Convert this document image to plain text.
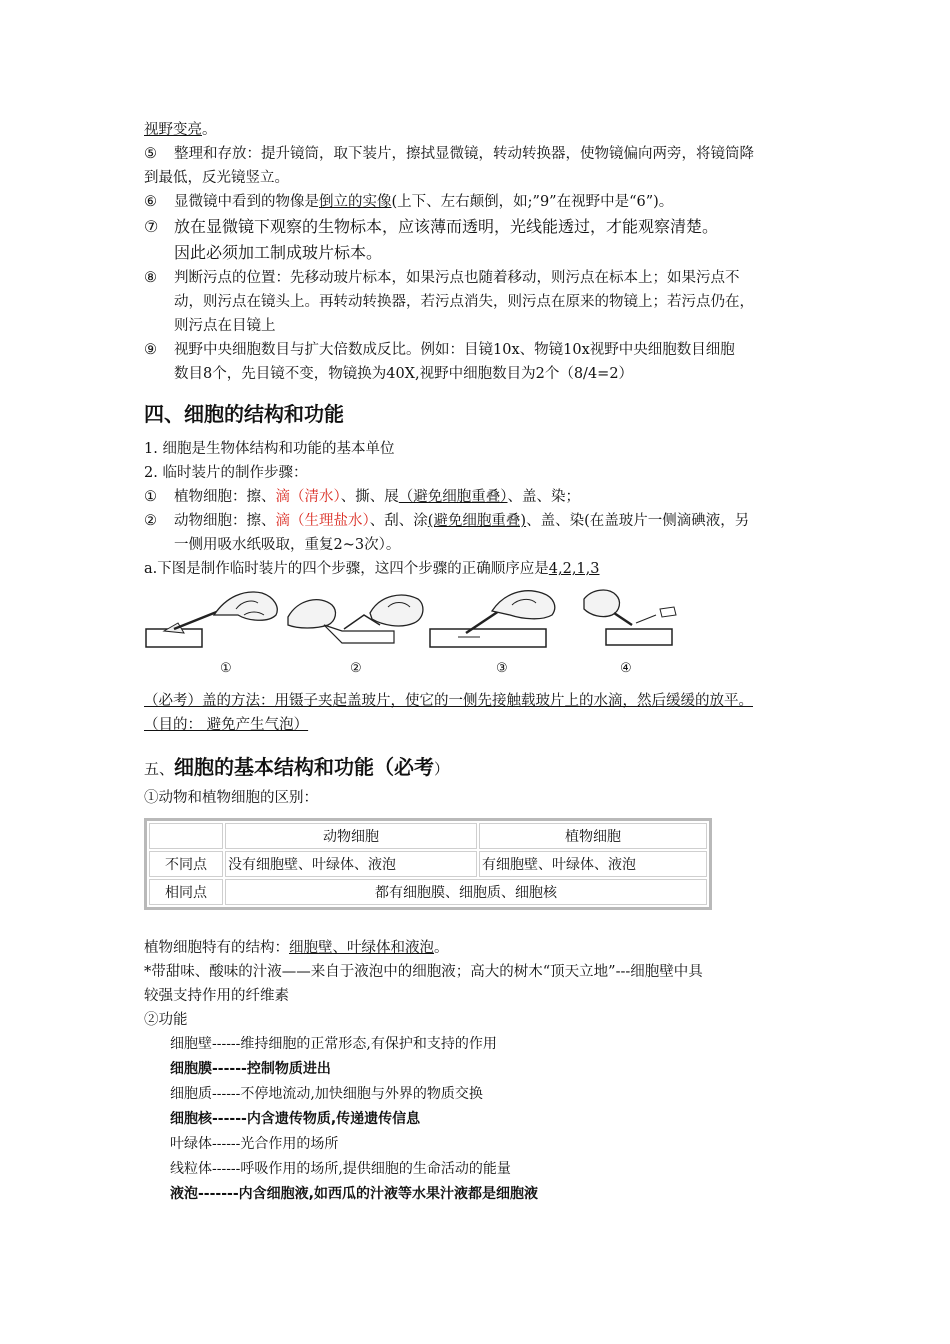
视野变亮。
⑤	整理和存放：提升镜筒，取下装片，擦拭显微镜，转动转换器，使物镜偏向两旁，将镜筒降
到最低，反光镜竖立。
⑥	显微镜中看到的物像是倒立的实像(上下、左右颠倒，如;”9”在视野中是“6”)。
⑦ 放在显微镜下观察的生物标本，应该薄而透明，光线能透过，才能观察清楚。
因此必须加工制成玻片标本。
⑧	判断污点的位置：先移动玻片标本，如果污点也随着移动，则污点在标本上；如果污点不
动，则污点在镜头上。再转动转换器，若污点消失，则污点在原来的物镜上；若污点仍在，
则污点在目镜上
⑨	视野中央细胞数目与扩大倍数成反比。例如：目镜10x、物镜10x视野中央细胞数目细胞
数目8个，先目镜不变，物镜换为40X,视野中细胞数目为2个（8/4=2）
四、细胞的结构和功能
1. 细胞是生物体结构和功能的基本单位
2. 临时装片的制作步骤：
①	植物细胞：擦、滴（清水）、撕、展（避免细胞重叠）、盖、染；
②	动物细胞：擦、滴（生理盐水）、刮、涂(避免细胞重叠)、盖、染(在盖玻片一侧滴碘液，另
一侧用吸水纸吸取，重复2~3次）。
a.下图是制作临时装片的四个步骤，这四个步骤的正确顺序应是4,2,1,3
①	②	③	④
（必考）盖的方法：用镊子夹起盖玻片，使它的一侧先接触载玻片上的水滴，然后缓缓的放平。
（目的： 避免产生气泡）
五、细胞的基本结构和功能（必考）
①动物和植物细胞的区别：
	动物细胞	植物细胞
不同点	没有细胞壁、叶绿体、液泡	有细胞壁、叶绿体、液泡
相同点	都有细胞膜、细胞质、细胞核	
植物细胞特有的结构：细胞壁、叶绿体和液泡。
*带甜味、酸味的汁液——来自于液泡中的细胞液；高大的树木“顶天立地”---细胞壁中具
较强支持作用的纤维素
②功能
细胞壁------维持细胞的正常形态,有保护和支持的作用
细胞膜------控制物质进出
细胞质------不停地流动,加快细胞与外界的物质交换
细胞核------内含遗传物质,传递遗传信息
叶绿体------光合作用的场所
线粒体------呼吸作用的场所,提供细胞的生命活动的能量
液泡-------内含细胞液,如西瓜的汁液等水果汁液都是细胞液
